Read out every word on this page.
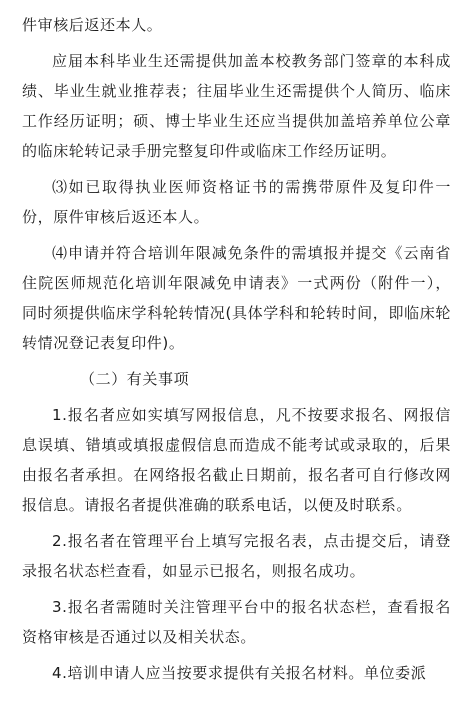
件审核后返还本人。

应届本科毕业生还需提供加盖本校教务部门签章的本科成绩、毕业生就业推荐表；往届毕业生还需提供个人简历、临床工作经历证明；硕、博士毕业生还应当提供加盖培养单位公章的临床轮转记录手册完整复印件或临床工作经历证明。

⑶如已取得执业医师资格证书的需携带原件及复印件一份，原件审核后返还本人。

⑷申请并符合培训年限减免条件的需填报并提交《云南省住院医师规范化培训年限减免申请表》一式两份（附件一），同时须提供临床学科轮转情况(具体学科和轮转时间，即临床轮转情况登记表复印件)。

（二）有关事项

1.报名者应如实填写网报信息，凡不按要求报名、网报信息误填、错填或填报虚假信息而造成不能考试或录取的，后果由报名者承担。在网络报名截止日期前，报名者可自行修改网报信息。请报名者提供准确的联系电话，以便及时联系。

2.报名者在管理平台上填写完报名表，点击提交后，请登录报名状态栏查看，如显示已报名，则报名成功。

3.报名者需随时关注管理平台中的报名状态栏，查看报名资格审核是否通过以及相关状态。

4.培训申请人应当按要求提供有关报名材料。单位委派
